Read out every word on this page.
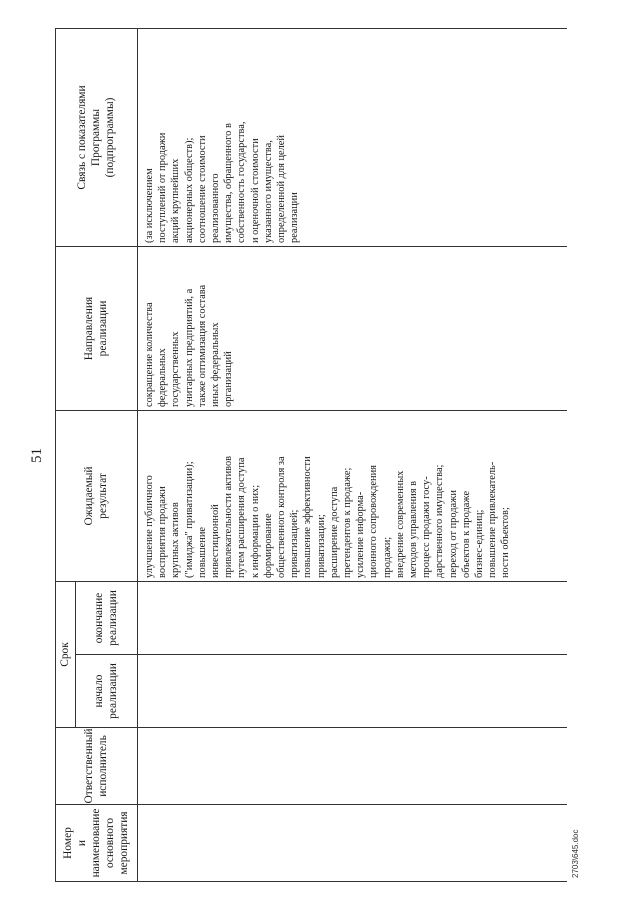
51
Номер
и наименование
основного
мероприятия
Ответственный
исполнитель
Срок
начало
реализации
окончание
реализации
Ожидаемый
результат
Направления
реализации
Связь с показателями
Программы
(подпрограммы)
улучшение публичного
восприятия продажи
крупных активов
("имиджа" приватизации);
повышение
инвестиционной
привлекательности активов
путем расширения доступа
к информации о них;
формирование
общественного контроля за
приватизацией;
повышение эффективности
приватизации;
расширение доступа
претендентов к продаже;
усиление информа-
ционного сопровождения
продажи;
внедрение современных
методов управления в
процесс продажи госу-
дарственного имущества;
переход от продажи
объектов к продаже
бизнес-единиц;
повышение привлекатель-
ности объектов;
сокращение количества
федеральных
государственных
унитарных предприятий, а
также оптимизация состава
иных федеральных
организаций
(за исключением
поступлений от продажи
акций крупнейших
акционерных обществ);
соотношение стоимости
реализованного
имущества, обращенного в
собственность государства,
и оценочной стоимости
указанного имущества,
определенной для целей
реализации
2703\645.doc
